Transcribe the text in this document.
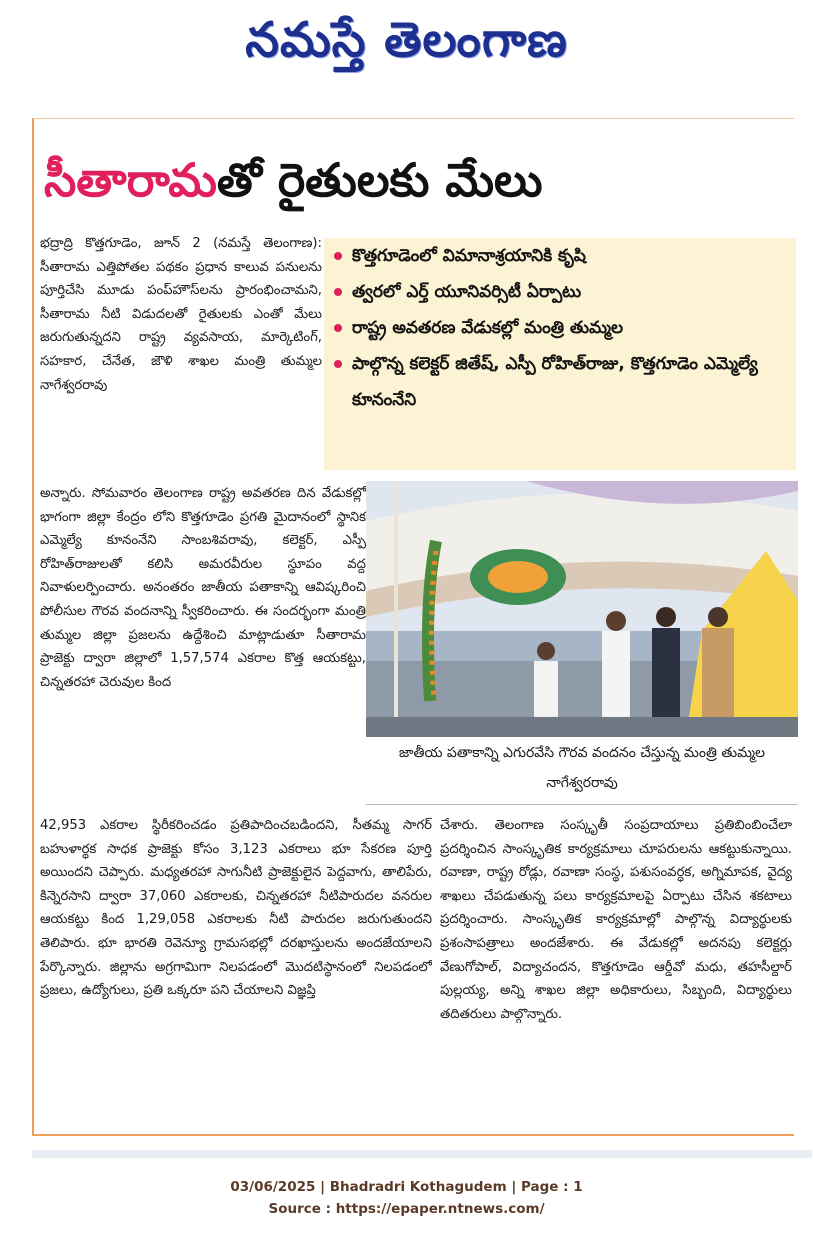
నమస్తే తెలంగాణ
సీతారామతో రైతులకు మేలు
భద్రాద్రి కొత్తగూడెం, జూన్ 2 (నమస్తే తెలంగాణ): సీతారామ ఎత్తిపోతల పథకం ప్రధాన కాలువ పనులను పూర్తిచేసి మూడు పంప్‌హౌస్‌లను ప్రారంభించామని, సీతారామ నీటి విడుదలతో రైతులకు ఎంతో మేలు జరుగుతున్నదని రాష్ట్ర వ్యవసాయ, మార్కెటింగ్, సహకార, చేనేత, జౌళి శాఖల మంత్రి తుమ్మల నాగేశ్వరరావు
కొత్తగూడెంలో విమానాశ్రయానికి కృషి
త్వరలో ఎర్త్ యూనివర్సిటీ ఏర్పాటు
రాష్ట్ర అవతరణ వేడుకల్లో మంత్రి తుమ్మల
పాల్గొన్న కలెక్టర్ జితేష్, ఎస్పీ రోహిత్‌రాజు, కొత్తగూడెం ఎమ్మెల్యే కూనంనేని
అన్నారు. సోమవారం తెలంగాణ రాష్ట్ర అవతరణ దిన వేడుకల్లో భాగంగా జిల్లా కేంద్రం లోని కొత్తగూడెం ప్రగతి మైదానంలో స్థానిక ఎమ్మెల్యే కూనంనేని సాంబశివరావు, కలెక్టర్, ఎస్పీ రోహిత్‌రాజులతో కలిసి అమరవీరుల స్థూపం వద్ద నివాళులర్పించారు. అనంతరం జాతీయ పతాకాన్ని ఆవిష్కరించి పోలీసుల గౌరవ వందనాన్ని స్వీకరించారు. ఈ సందర్భంగా మంత్రి తుమ్మల జిల్లా ప్రజలను ఉద్దేశించి మాట్లాడుతూ సీతారామ ప్రాజెక్టు ద్వారా జిల్లాలో 1,57,574 ఎకరాల కొత్త ఆయకట్టు, చిన్నతరహా చెరువుల కింద
జాతీయ పతాకాన్ని ఎగురవేసి గౌరవ వందనం చేస్తున్న మంత్రి తుమ్మల నాగేశ్వరరావు
42,953 ఎకరాల స్థిరీకరించడం ప్రతిపాదించబడిందని, సీతమ్మ సాగర్ బహుళార్థక సాధక ప్రాజెక్టు కోసం 3,123 ఎకరాలు భూ సేకరణ పూర్తి అయిందని చెప్పారు. మధ్యతరహా సాగునీటి ప్రాజెక్టులైన పెద్దవాగు, తాలిపేరు, కిన్నెరసాని ద్వారా 37,060 ఎకరాలకు, చిన్నతరహా నీటిపారుదల వనరుల ఆయకట్టు కింద 1,29,058 ఎకరాలకు నీటి పారుదల జరుగుతుందని తెలిపారు. భూ భారతి రెవెన్యూ గ్రామసభల్లో దరఖాస్తులను అందజేయాలని పేర్కొన్నారు. జిల్లాను అగ్రగామిగా నిలపడంలో మొదటిస్థానంలో నిలపడంలో ప్రజలు, ఉద్యోగులు, ప్రతి ఒక్కరూ పని చేయాలని విజ్ఞప్తి
చేశారు. తెలంగాణ సంస్కృతీ సంప్రదాయాలు ప్రతిబింబించేలా ప్రదర్శించిన సాంస్కృతిక కార్యక్రమాలు చూపరులను ఆకట్టుకున్నాయి. రవాణా, రాష్ట్ర రోడ్లు, రవాణా సంస్థ, పశుసంవర్ధక, అగ్నిమాపక, వైద్య శాఖలు చేపడుతున్న పలు కార్యక్రమాలపై ఏర్పాటు చేసిన శకటాలు ప్రదర్శించారు. సాంస్కృతిక కార్యక్రమాల్లో పాల్గొన్న విద్యార్థులకు ప్రశంసాపత్రాలు అందజేశారు. ఈ వేడుకల్లో అదనపు కలెక్టర్లు వేణుగోపాల్, విద్యాచందన, కొత్తగూడెం ఆర్డీవో మధు, తహసీల్దార్ పుల్లయ్య, అన్ని శాఖల జిల్లా అధికారులు, సిబ్బంది, విద్యార్థులు తదితరులు పాల్గొన్నారు.
03/06/2025 | Bhadradri Kothagudem | Page : 1
Source : https://epaper.ntnews.com/
